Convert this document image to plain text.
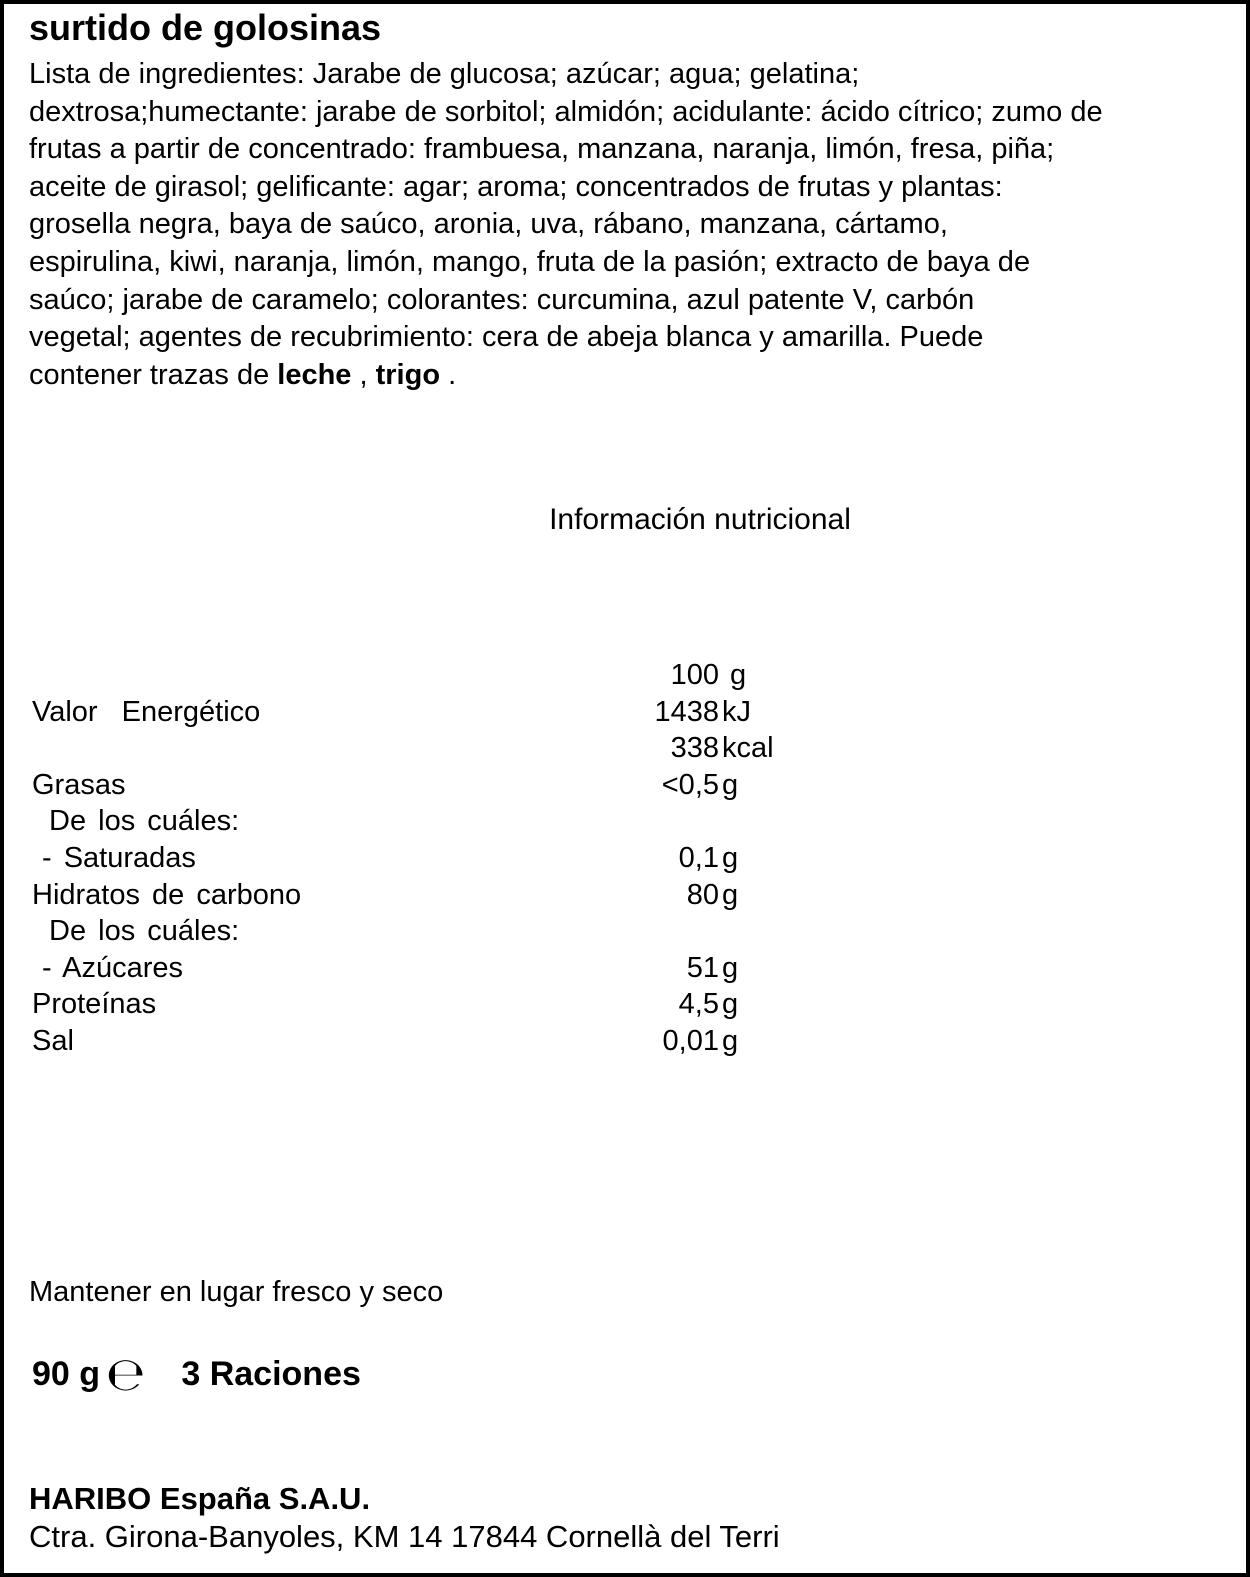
surtido de golosinas
Lista de ingredientes: Jarabe de glucosa; azúcar; agua; gelatina;
dextrosa;humectante: jarabe de sorbitol; almidón; acidulante: ácido cítrico; zumo de
frutas a partir de concentrado: frambuesa, manzana, naranja, limón, fresa, piña;
aceite de girasol; gelificante: agar; aroma; concentrados de frutas y plantas:
grosella negra, baya de saúco, aronia, uva, rábano, manzana, cártamo,
espirulina, kiwi, naranja, limón, mango, fruta de la pasión; extracto de baya de
saúco; jarabe de caramelo; colorantes: curcumina, azul patente V, carbón
vegetal; agentes de recubrimiento: cera de abeja blanca y amarilla. Puede
contener trazas de leche , trigo .
Información nutricional
100 g
Valor  Energético	1438 kJ
338 kcal
Grasas	<0,5 g
De los cuáles:
- Saturadas	0,1 g
Hidratos de carbono	80 g
De los cuáles:
- Azúcares	51 g
Proteínas	4,5 g
Sal	0,01 g
Mantener en lugar fresco y seco
90 g ℮ 3 Raciones
HARIBO España S.A.U.
Ctra. Girona-Banyoles, KM 14 17844 Cornellà del Terri
